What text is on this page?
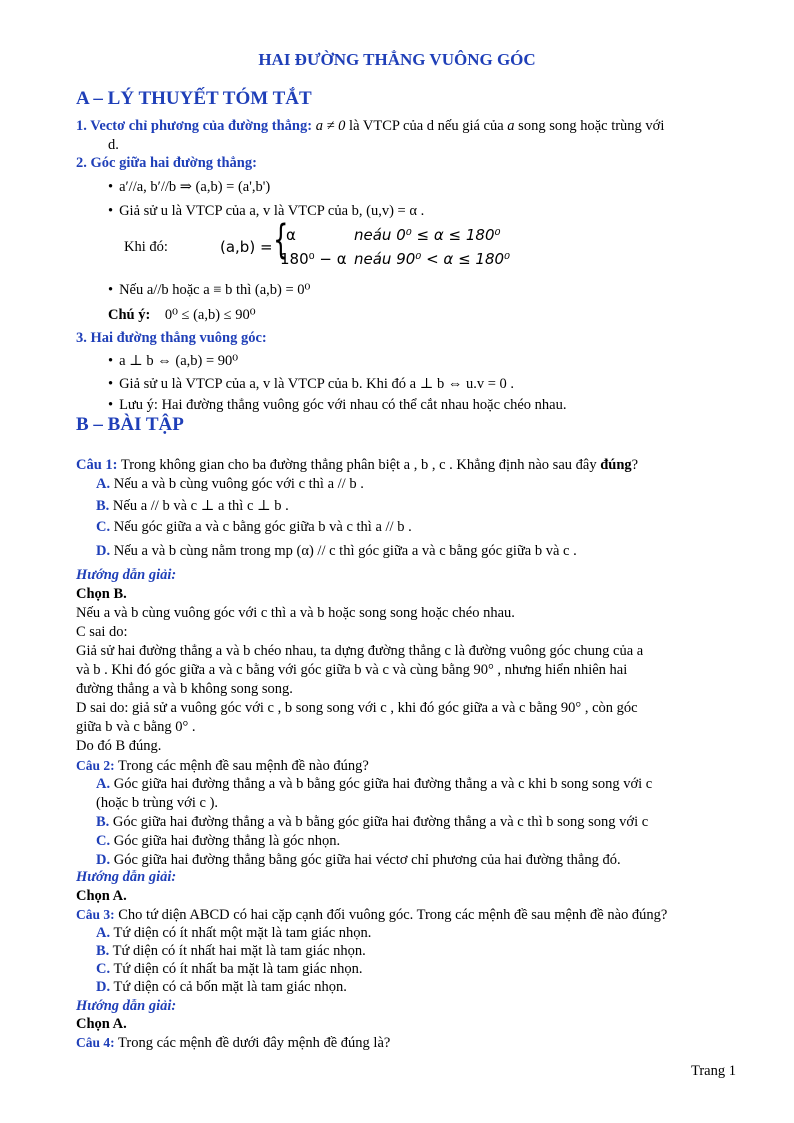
HAI ĐƯỜNG THẲNG VUÔNG GÓC
A – LÝ THUYẾT TÓM TẮT
1. Vectơ chỉ phương của đường thẳng: a ≠ 0 là VTCP của d nếu giá của a song song hoặc trùng với
d.
2. Góc giữa hai đường thẳng:
• a′//a, b′//b ⇒ (a,b) = (a',b')
• Giả sử u là VTCP của a, v là VTCP của b, (u,v) = α .
Khi đó:	(a,b) = {
α	neáu 0⁰ ≤ α ≤ 180⁰
180⁰ − α neáu 90⁰ < α ≤ 180⁰
• Nếu a//b hoặc a ≡ b thì (a,b) = 0⁰
Chú ý: 0⁰ ≤ (a,b) ≤ 90⁰
3. Hai đường thẳng vuông góc:
• a ⊥ b ⇔ (a,b) = 90⁰
• Giả sử u là VTCP của a, v là VTCP của b. Khi đó a ⊥ b ⇔ u.v = 0 .
• Lưu ý: Hai đường thẳng vuông góc với nhau có thể cắt nhau hoặc chéo nhau.
B – BÀI TẬP
Câu 1: Trong không gian cho ba đường thẳng phân biệt a , b , c . Khẳng định nào sau đây đúng?
A. Nếu a và b cùng vuông góc với c thì a // b .
B. Nếu a // b và c ⊥ a thì c ⊥ b .
C. Nếu góc giữa a và c bằng góc giữa b và c thì a // b .
D. Nếu a và b cùng nằm trong mp (α) // c thì góc giữa a và c bằng góc giữa b và c .
Hướng dẫn giải:
Chọn B.
Nếu a và b cùng vuông góc với c thì a và b hoặc song song hoặc chéo nhau.
C sai do:
Giả sử hai đường thẳng a và b chéo nhau, ta dựng đường thẳng c là đường vuông góc chung của a
và b . Khi đó góc giữa a và c bằng với góc giữa b và c và cùng bằng 90° , nhưng hiển nhiên hai
đường thẳng a và b không song song.
D sai do: giả sử a vuông góc với c , b song song với c , khi đó góc giữa a và c bằng 90° , còn góc
giữa b và c bằng 0° .
Do đó B đúng.
Câu 2: Trong các mệnh đề sau mệnh đề nào đúng?
A. Góc giữa hai đường thẳng a và b bằng góc giữa hai đường thẳng a và c khi b song song với c
(hoặc b trùng với c ).
B. Góc giữa hai đường thẳng a và b bằng góc giữa hai đường thẳng a và c thì b song song với c
C. Góc giữa hai đường thẳng là góc nhọn.
D. Góc giữa hai đường thẳng bằng góc giữa hai véctơ chỉ phương của hai đường thẳng đó.
Hướng dẫn giải:
Chọn A.
Câu 3: Cho tứ diện ABCD có hai cặp cạnh đối vuông góc. Trong các mệnh đề sau mệnh đề nào đúng?
A. Tứ diện có ít nhất một mặt là tam giác nhọn.
B. Tứ diện có ít nhất hai mặt là tam giác nhọn.
C. Tứ diện có ít nhất ba mặt là tam giác nhọn.
D. Tứ diện có cả bốn mặt là tam giác nhọn.
Hướng dẫn giải:
Chọn A.
Câu 4: Trong các mệnh đề dưới đây mệnh đề đúng là?
Trang 1
